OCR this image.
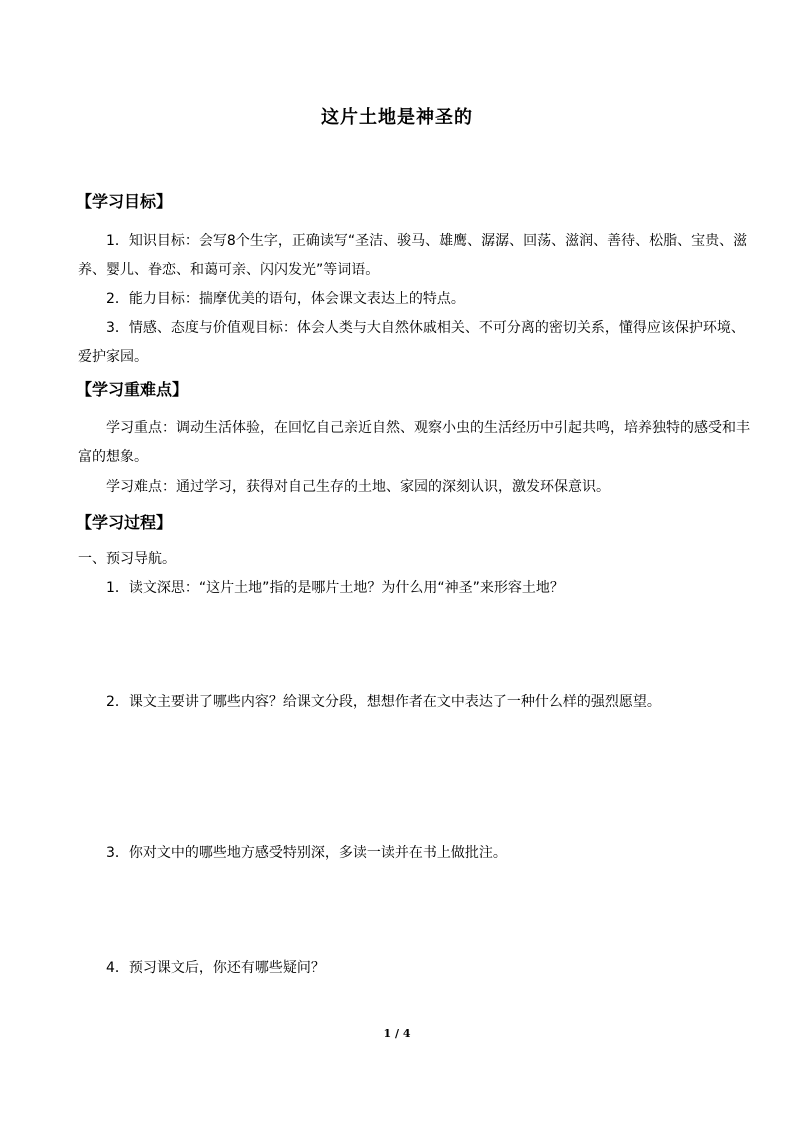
这片土地是神圣的
【学习目标】

1．知识目标：会写8个生字，正确读写“圣洁、骏马、雄鹰、潺潺、回荡、滋润、善待、松脂、宝贵、滋养、婴儿、眷恋、和蔼可亲、闪闪发光”等词语。

2．能力目标：揣摩优美的语句，体会课文表达上的特点。

3．情感、态度与价值观目标：体会人类与大自然休戚相关、不可分离的密切关系，懂得应该保护环境、爱护家园。

【学习重难点】

学习重点：调动生活体验，在回忆自己亲近自然、观察小虫的生活经历中引起共鸣，培养独特的感受和丰富的想象。

学习难点：通过学习，获得对自己生存的土地、家园的深刻认识，激发环保意识。

【学习过程】
一、预习导航。
1．读文深思：“这片土地”指的是哪片土地？为什么用“神圣”来形容土地？

2．课文主要讲了哪些内容？给课文分段，想想作者在文中表达了一种什么样的强烈愿望。

3．你对文中的哪些地方感受特别深，多读一读并在书上做批注。
4．预习课文后，你还有哪些疑问？
1 / 4
